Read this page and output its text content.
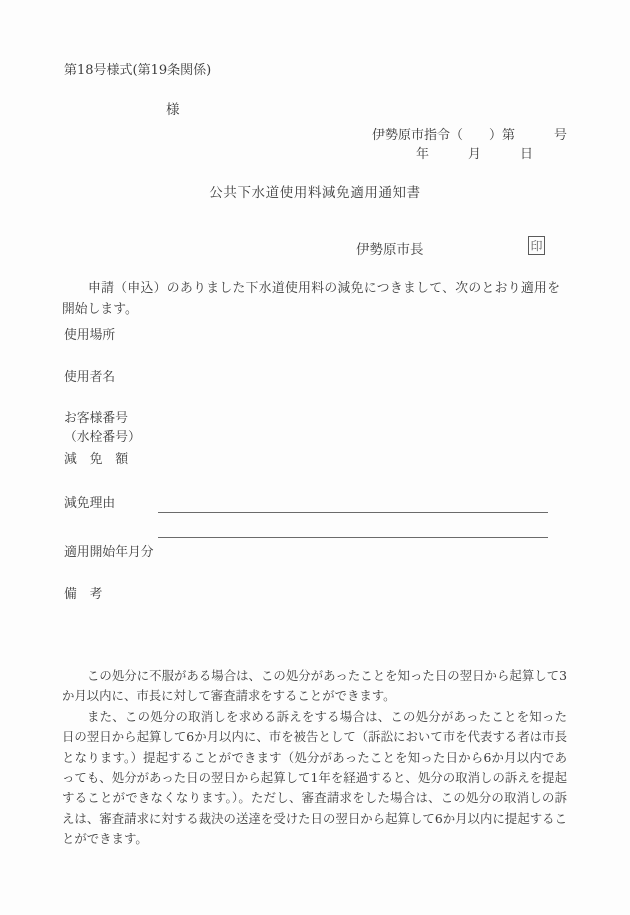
第18号様式(第19条関係)
様
伊勢原市指令（　　）第　　　号
年　　　月　　　日
公共下水道使用料減免適用通知書
伊勢原市長	印
申請（申込）のありました下水道使用料の減免につきまして、次のとおり適用を開始します。
使用場所
使用者名
お客様番号
（水栓番号）
減　免　額
減免理由
適用開始年月分
備　考

この処分に不服がある場合は、この処分があったことを知った日の翌日から起算して3か月以内に、市長に対して審査請求をすることができます。

また、この処分の取消しを求める訴えをする場合は、この処分があったことを知った日の翌日から起算して6か月以内に、市を被告として（訴訟において市を代表する者は市長となります。）提起することができます（処分があったことを知った日から6か月以内であっても、処分があった日の翌日から起算して1年を経過すると、処分の取消しの訴えを提起することができなくなります。）。ただし、審査請求をした場合は、この処分の取消しの訴えは、審査請求に対する裁決の送達を受けた日の翌日から起算して6か月以内に提起することができます。
